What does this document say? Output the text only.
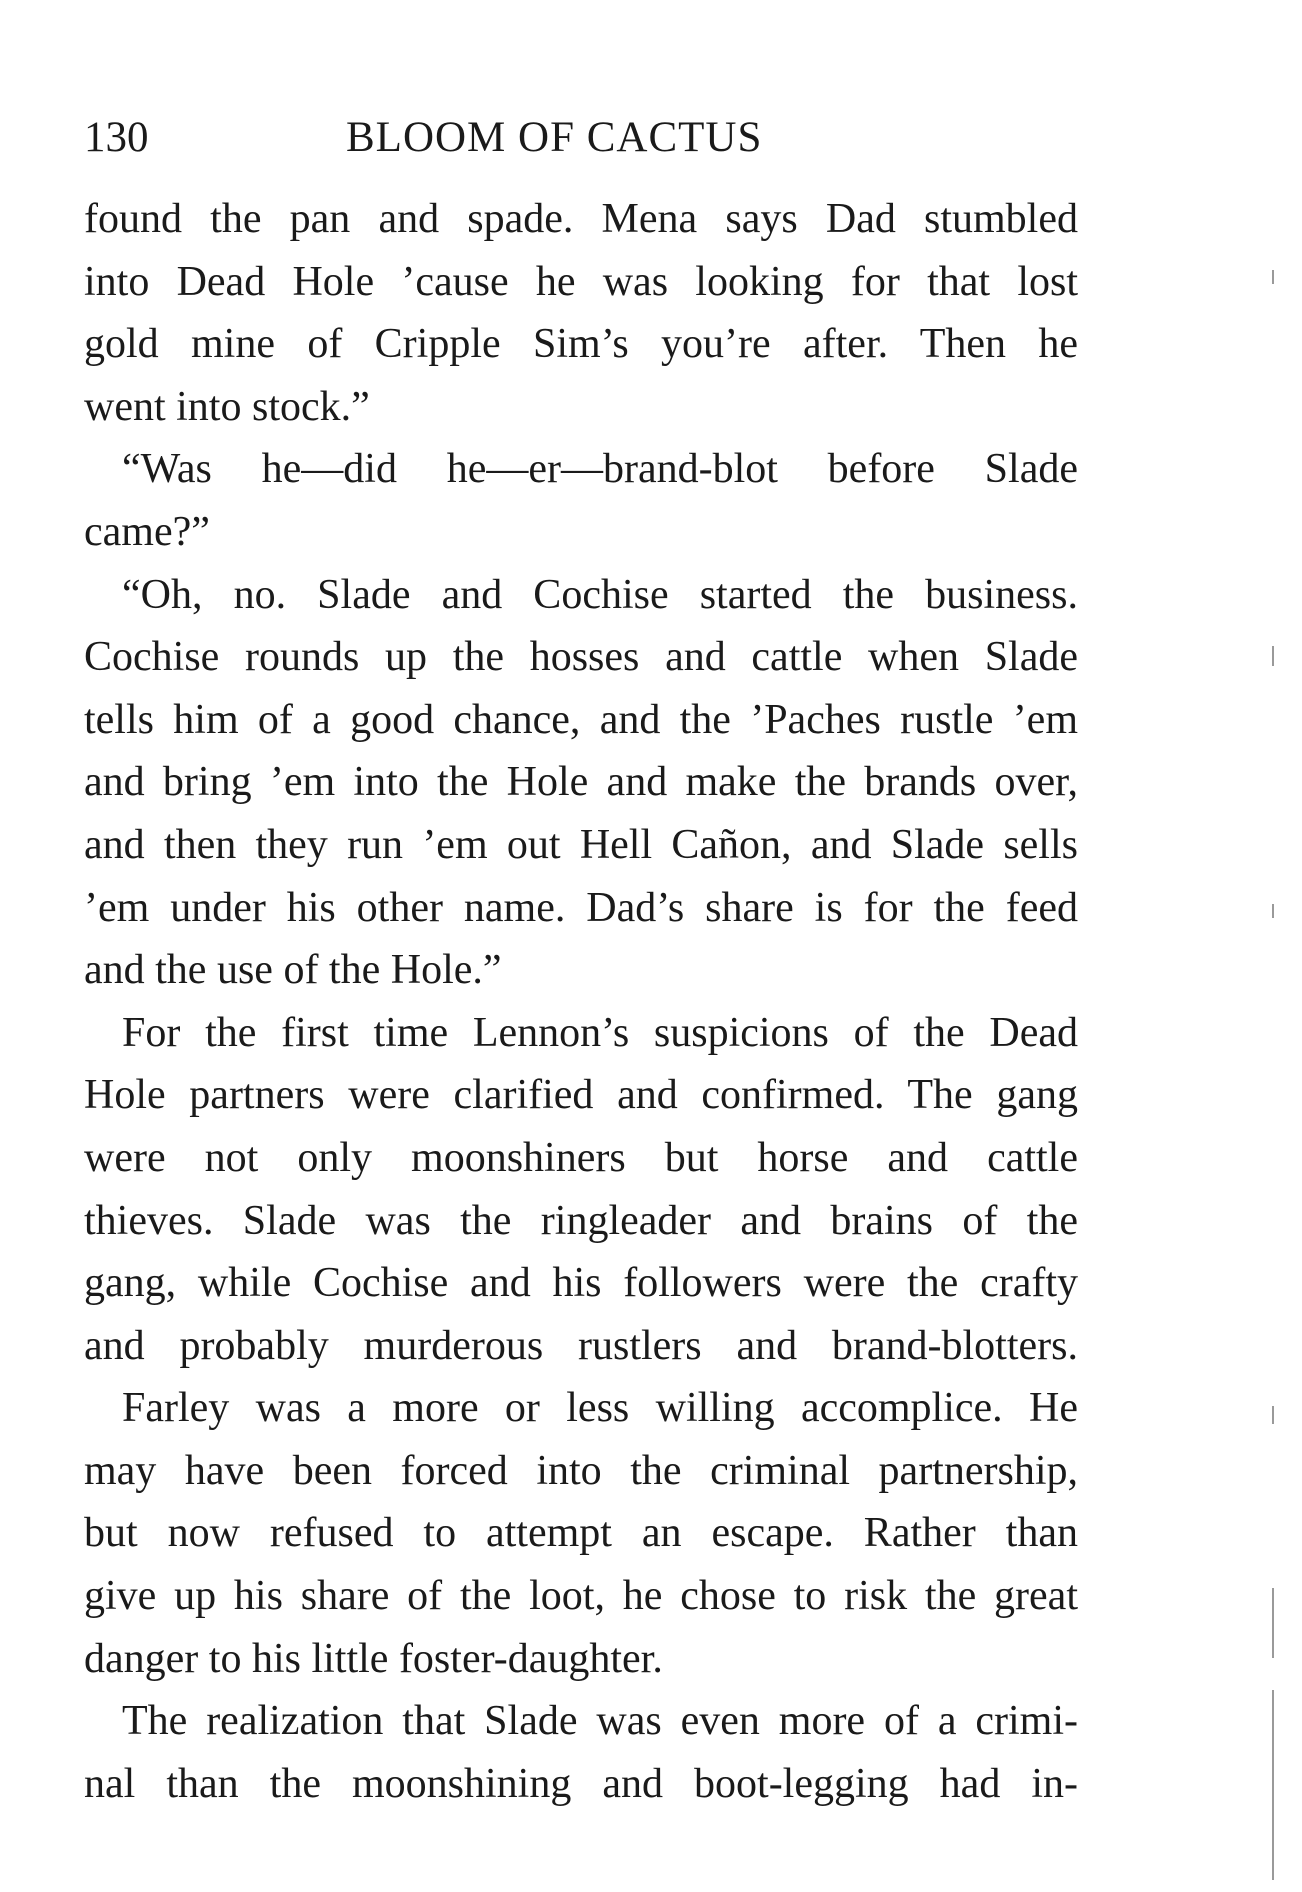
130	BLOOM OF CACTUS
found the pan and spade. Mena says Dad stumbled
into Dead Hole ’cause he was looking for that lost
gold mine of Cripple Sim’s you’re after. Then he
went into stock.”
“Was he—did he—er—brand-blot before Slade
came?”
“Oh, no. Slade and Cochise started the business.
Cochise rounds up the hosses and cattle when Slade
tells him of a good chance, and the ’Paches rustle ’em
and bring ’em into the Hole and make the brands over,
and then they run ’em out Hell Cañon, and Slade sells
’em under his other name. Dad’s share is for the feed
and the use of the Hole.”
For the first time Lennon’s suspicions of the Dead
Hole partners were clarified and confirmed. The gang
were not only moonshiners but horse and cattle
thieves. Slade was the ringleader and brains of the
gang, while Cochise and his followers were the crafty
and probably murderous rustlers and brand-blotters.
Farley was a more or less willing accomplice. He
may have been forced into the criminal partnership,
but now refused to attempt an escape. Rather than
give up his share of the loot, he chose to risk the great
danger to his little foster-daughter.
The realization that Slade was even more of a crimi-
nal than the moonshining and boot-legging had in-
